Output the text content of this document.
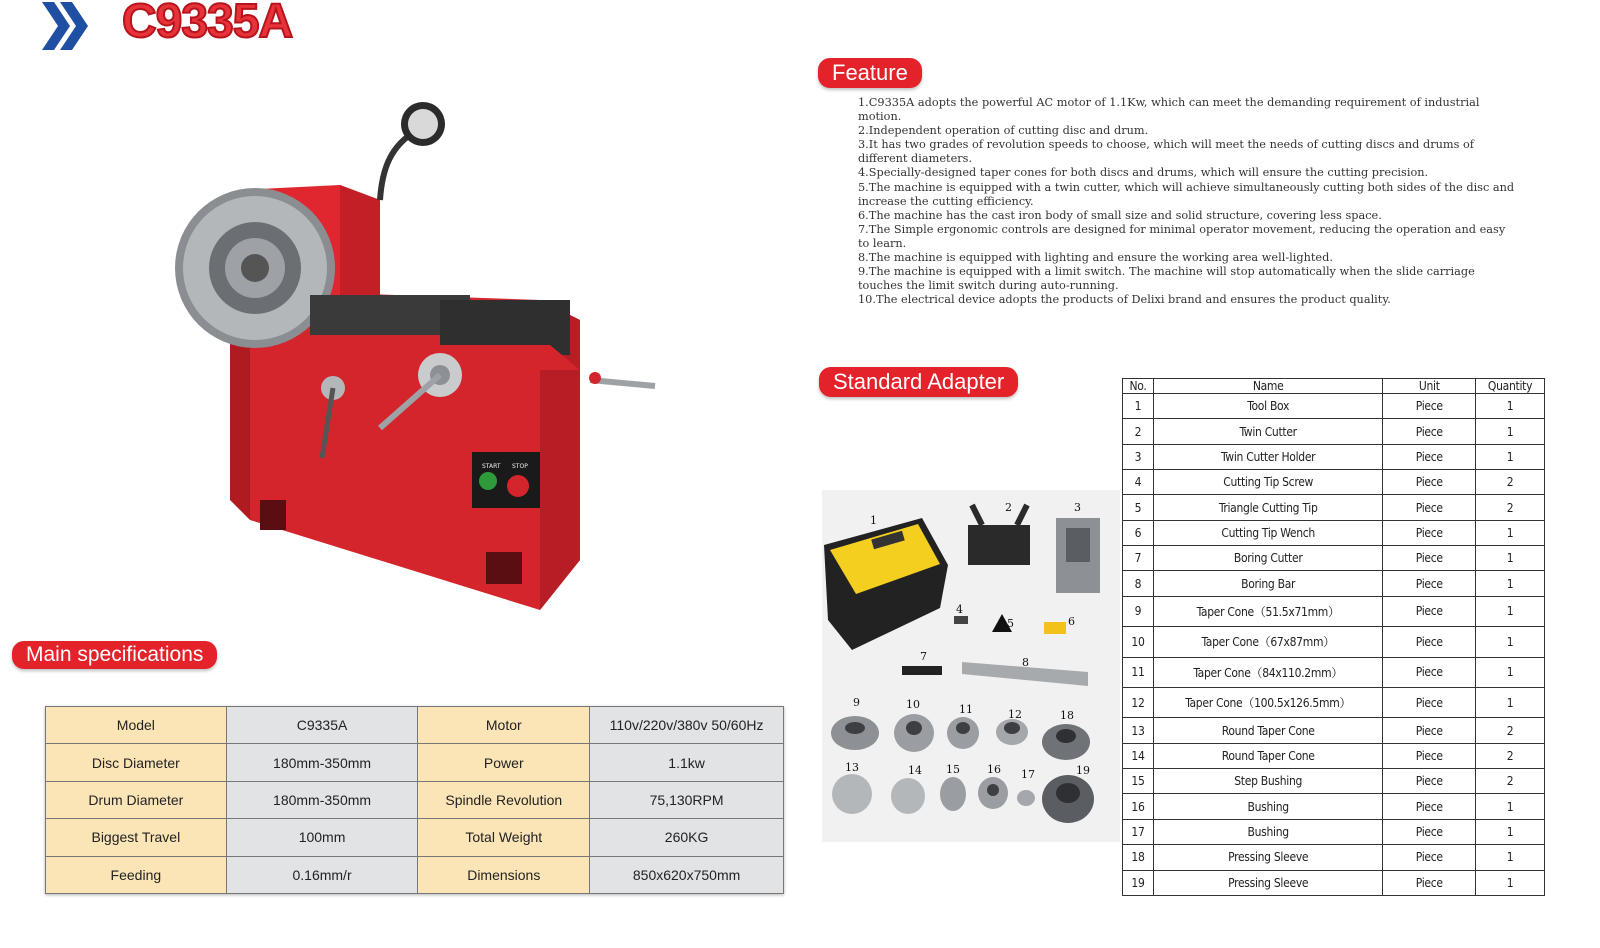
C9335A
Feature
Standard Adapter
Main specifications
START STOP
1.C9335A adopts the powerful AC motor of 1.1Kw, which can meet the demanding requirement of industrial motion.
2.Independent operation of cutting disc and drum.
3.It has two grades of revolution speeds to choose, which will meet the needs of cutting discs and drums of different diameters.
4.Specially-designed taper cones for both discs and drums, which will ensure the cutting precision.
5.The machine is equipped with a twin cutter, which will achieve simultaneously cutting both sides of the disc and increase the cutting efficiency.
6.The machine has the cast iron body of small size and solid structure, covering less space.
7.The Simple ergonomic controls are designed for minimal operator movement, reducing the operation and easy to learn.
8.The machine is equipped with lighting and ensure the working area well-lighted.
9.The machine is equipped with a limit switch. The machine will stop automatically when the slide carriage touches the limit switch during auto-running.
10.The electrical device adopts the products of Delixi brand and ensures the product quality.
Model	C9335A	Motor	110v/220v/380v 50/60Hz
Disc Diameter	180mm-350mm	Power	1.1kw
Drum Diameter	180mm-350mm	Spindle Revolution	75,130RPM
Biggest Travel	100mm	Total Weight	260KG
Feeding	0.16mm/r	Dimensions	850x620x750mm
1
2	3
4
5	6
7	8
9	10	11	12	18
13	14 15 16 17	19
No.	Name	Unit	Quantity
1	Tool Box	Piece	1
2	Twin Cutter	Piece	1
3	Twin Cutter Holder	Piece	1
4	Cutting Tip Screw	Piece	2
5	Triangle Cutting Tip	Piece	2
6	Cutting Tip Wench	Piece	1
7	Boring Cutter	Piece	1
8	Boring Bar	Piece	1
9	Taper Cone（51.5x71mm）	Piece	1
10	Taper Cone（67x87mm）	Piece	1
11	Taper Cone（84x110.2mm）	Piece	1
12	Taper Cone（100.5x126.5mm）	Piece	1
13	Round Taper Cone	Piece	2
14	Round Taper Cone	Piece	2
15	Step Bushing	Piece	2
16	Bushing	Piece	1
17	Bushing	Piece	1
18	Pressing Sleeve	Piece	1
19	Pressing Sleeve	Piece	1
